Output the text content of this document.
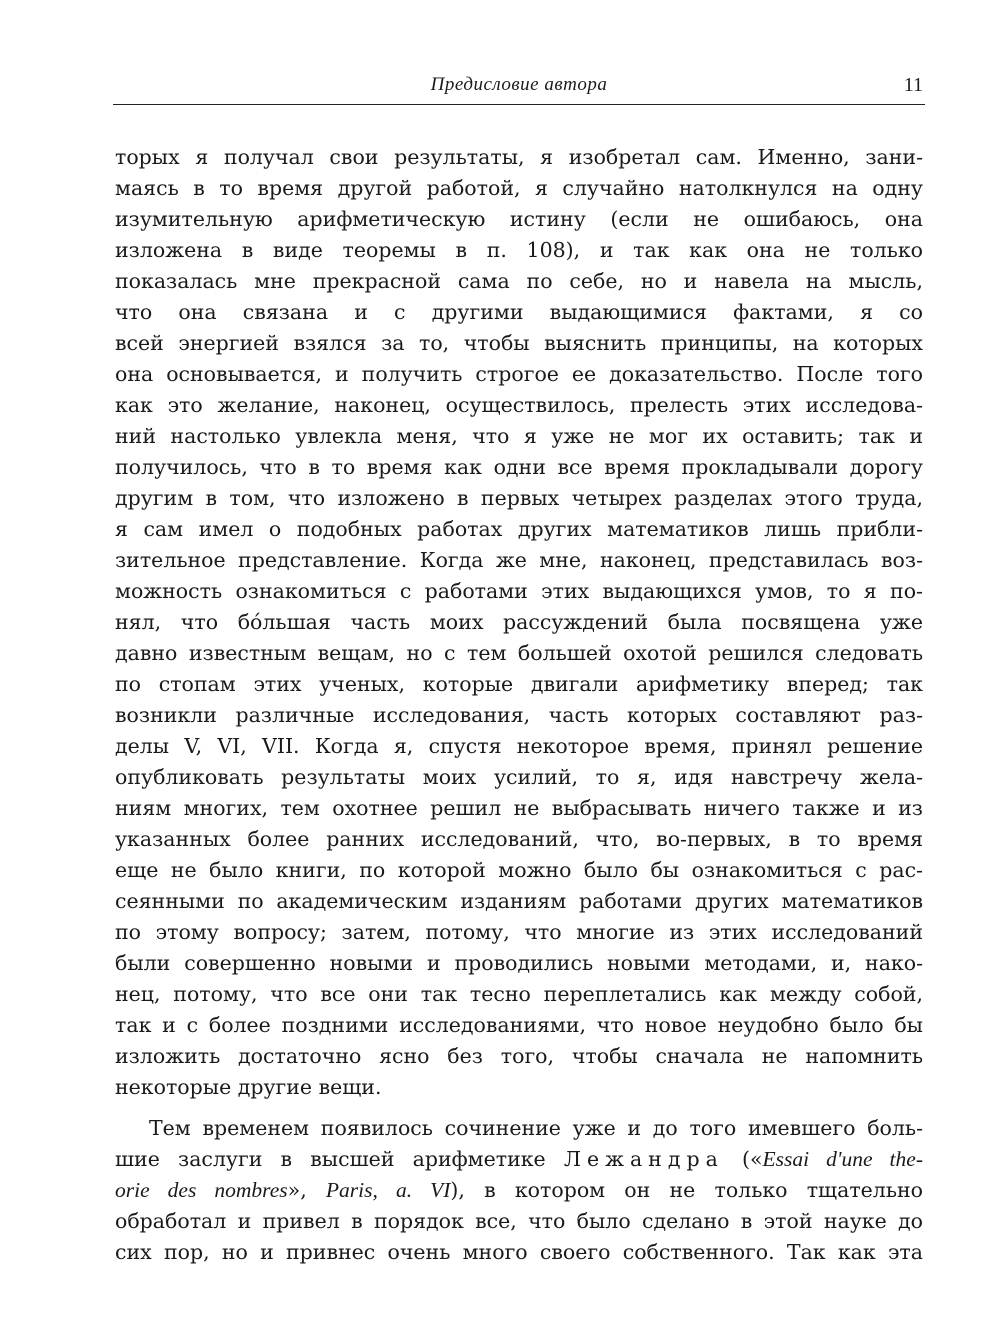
Предисловие автора	11
торых я получал свои результаты, я изобретал сам. Именно, зани-
маясь в то время другой работой, я случайно натолкнулся на одну
изумительную арифметическую истину (если не ошибаюсь, она
изложена в виде теоремы в п. 108), и так как она не только
показалась мне прекрасной сама по себе, но и навела на мысль,
что она связана и с другими выдающимися фактами, я со
всей энергией взялся за то, чтобы выяснить принципы, на которых
она основывается, и получить строгое ее доказательство. После того
как это желание, наконец, осуществилось, прелесть этих исследова-
ний настолько увлекла меня, что я уже не мог их оставить; так и
получилось, что в то время как одни все время прокладывали дорогу
другим в том, что изложено в первых четырех разделах этого труда,
я сам имел о подобных работах других математиков лишь прибли-
зительное представление. Когда же мне, наконец, представилась воз-
можность ознакомиться с работами этих выдающихся умов, то я по-
нял, что бо́льшая часть моих рассуждений была посвящена уже
давно известным вещам, но с тем большей охотой решился следовать
по стопам этих ученых, которые двигали арифметику вперед; так
возникли различные исследования, часть которых составляют раз-
делы V, VI, VII. Когда я, спустя некоторое время, принял решение
опубликовать результаты моих усилий, то я, идя навстречу жела-
ниям многих, тем охотнее решил не выбрасывать ничего также и из
указанных более ранних исследований, что, во-первых, в то время
еще не было книги, по которой можно было бы ознакомиться с рас-
сеянными по академическим изданиям работами других математиков
по этому вопросу; затем, потому, что многие из этих исследований
были совершенно новыми и проводились новыми методами, и, нако-
нец, потому, что все они так тесно переплетались как между собой,
так и с более поздними исследованиями, что новое неудобно было бы
изложить достаточно ясно без того, чтобы сначала не напомнить
некоторые другие вещи.
Тем временем появилось сочинение уже и до того имевшего боль-
шие заслуги в высшей арифметике Лежандра («Essai d'une the-
orie des nombres», Paris, a. VI), в котором он не только тщательно
обработал и привел в порядок все, что было сделано в этой науке до
сих пор, но и привнес очень много своего собственного. Так как эта
